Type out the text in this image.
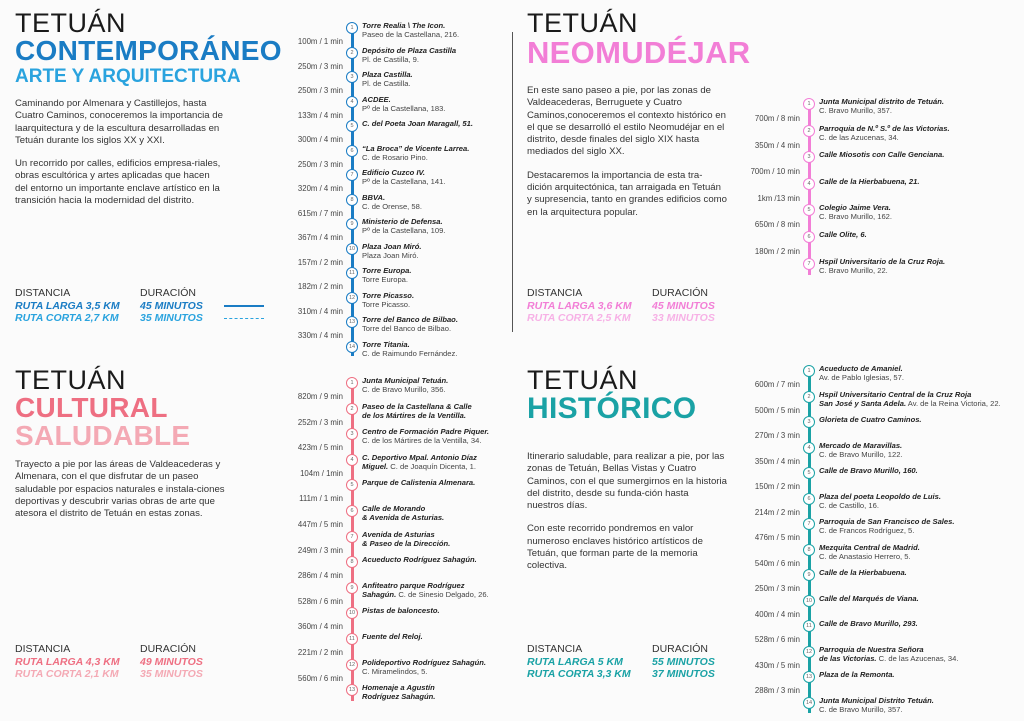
TETUÁN
CONTEMPORÁNEO
ARTE Y ARQUITECTURA

Caminando por Almenara y Castillejos, hasta Cuatro Caminos, conoceremos la importancia de laarquitectura y de la escultura desarrolladas en Tetuán durante los siglos XX y XXI.

Un recorrido por calles, edificios empresa-riales, obras escultórica y artes aplicadas que hacen del entorno un importante enclave artístico en la transición hacia la modernidad del distrito.

DISTANCIA	DURACIÓN
RUTA LARGA 3,5 KM	45 MINUTOS
RUTA CORTA 2,7 KM	35 MINUTOS
1	Torre Realia \ The Icon.
Paseo de la Castellana, 216.
100m / 1 min
2	Depósito de Plaza Castilla
Pl. de Castilla, 9.
250m / 3 min
3	Plaza Castilla.
Pl. de Castilla.
250m / 3 min
4	ACDEE.
Pº de la Castellana, 183.
133m / 4 min
5	C. del Poeta Joan Maragall, 51.
300m / 4 min
6	“La Broca” de Vicente Larrea.
C. de Rosario Pino.
250m / 3 min
7	Edificio Cuzco IV.
Pº de la Castellana, 141.
320m / 4 min
8	BBVA.
C. de Orense, 58.
615m / 7 min
9	Ministerio de Defensa.
Pº de la Castellana, 109.
367m / 4 min
10 Plaza Joan Miró.
Plaza Joan Miró.
157m / 2 min
11 Torre Europa.
Torre Europa.
182m / 2 min
12 Torre Picasso.
Torre Picasso.
310m / 4 min
13 Torre del Banco de Bilbao.
Torre del Banco de Bilbao.
330m / 4 min
14 Torre Titania.
C. de Raimundo Fernández.
TETUÁN
NEOMUDÉJAR

En este sano paseo a pie, por las zonas de Valdeacederas, Berruguete y Cuatro Caminos,conoceremos el contexto histórico en el que se desarrolló el estilo Neomudéjar en el distrito, desde finales del siglo XIX hasta mediados del siglo XX.

Destacaremos la importancia de esta tra-dición arquitectónica, tan arraigada en Tetuán y supresencia, tanto en grandes edificios como en la arquitectura popular.

DISTANCIA	DURACIÓN
RUTA LARGA 3,6 KM	45 MINUTOS
RUTA CORTA 2,5 KM	33 MINUTOS
1	Junta Municipal distrito de Tetuán.
C. Bravo Murillo, 357.
700m / 8 min
2	Parroquia de N.º S.º de las Victorias.
C. de las Azucenas, 34.
350m / 4 min
3	Calle Miosotis con Calle Genciana.
700m / 10 min
4	Calle de la Hierbabuena, 21.
1km /13 min
5	Colegio Jaime Vera.
C. Bravo Murillo, 162.
650m / 8 min
6	Calle Olite, 6.
180m / 2 min
7	Hspil Universitario de la Cruz Roja.
C. Bravo Murillo, 22.
TETUÁN
CULTURAL
SALUDABLE

Trayecto a pie por las áreas de Valdeacederas y Almenara, con el que disfrutar de un paseo saludable por espacios naturales e instala-ciones deportivas y descubrir varias obras de arte que atesora el distrito de Tetuán en estas zonas.

DISTANCIA	DURACIÓN
RUTA LARGA 4,3 KM	49 MINUTOS
RUTA CORTA 2,1 KM	35 MINUTOS
1	Junta Municipal Tetuán.
C. de Bravo Murillo, 356.
820m / 9 min
2	Paseo de la Castellana & Calle
de los Mártires de la Ventilla.
252m / 3 min
3	Centro de Formación Padre Piquer.
C. de los Mártires de la Ventilla, 34.
423m / 5 min
4	C. Deportivo Mpal. Antonio Díaz
Miguel. C. de Joaquín Dicenta, 1.
104m / 1min
5	Parque de Calistenia Almenara.
111m / 1 min
6	Calle de Morando
& Avenida de Asturias.
447m / 5 min
7	Avenida de Asturias
& Paseo de la Dirección.
249m / 3 min
8	Acueducto Rodríguez Sahagún.
286m / 4 min
9	Anfiteatro parque Rodríguez
Sahagún. C. de Sinesio Delgado, 26.
528m / 6 min
10 Pistas de baloncesto.
360m / 4 min
11 Fuente del Reloj.
221m / 2 min
12 Polideportivo Rodríguez Sahagún.
C. Miramelindos, 5.
560m / 6 min
13 Homenaje a Agustín
Rodríguez Sahagún.
TETUÁN
HISTÓRICO

Itinerario saludable, para realizar a pie, por las zonas de Tetuán, Bellas Vistas y Cuatro Caminos, con el que sumergirnos en la historia del distrito, desde su funda-ción hasta nuestros días.

Con este recorrido pondremos en valor numeroso enclaves histórico artísticos de Tetuán, que forman parte de la memoria colectiva.

DISTANCIA	DURACIÓN
RUTA LARGA 5 KM	55 MINUTOS
RUTA CORTA 3,3 KM	37 MINUTOS
1	Acueducto de Amaniel.
Av. de Pablo Iglesias, 57.
600m / 7 min
2	Hspil Universitario Central de la Cruz Roja
San José y Santa Adela. Av. de la Reina Victoria, 22.
500m / 5 min
3	Glorieta de Cuatro Caminos.
270m / 3 min
4	Mercado de Maravillas.
C. de Bravo Murillo, 122.
350m / 4 min
5	Calle de Bravo Murillo, 160.
150m / 2 min
6	Plaza del poeta Leopoldo de Luis.
C. de Castillo, 16.
214m / 2 min
7	Parroquia de San Francisco de Sales.
C. de Francos Rodríguez, 5.
476m / 5 min
8	Mezquita Central de Madrid.
C. de Anastasio Herrero, 5.
540m / 6 min
9	Calle de la Hierbabuena.
250m / 3 min
10 Calle del Marqués de Viana.
400m / 4 min
11 Calle de Bravo Murillo, 293.
528m / 6 min
12 Parroquia de Nuestra Señora
de las Victorias. C. de las Azucenas, 34.
430m / 5 min
13 Plaza de la Remonta.
288m / 3 min
14 Junta Municipal Distrito Tetuán.
C. de Bravo Murillo, 357.
